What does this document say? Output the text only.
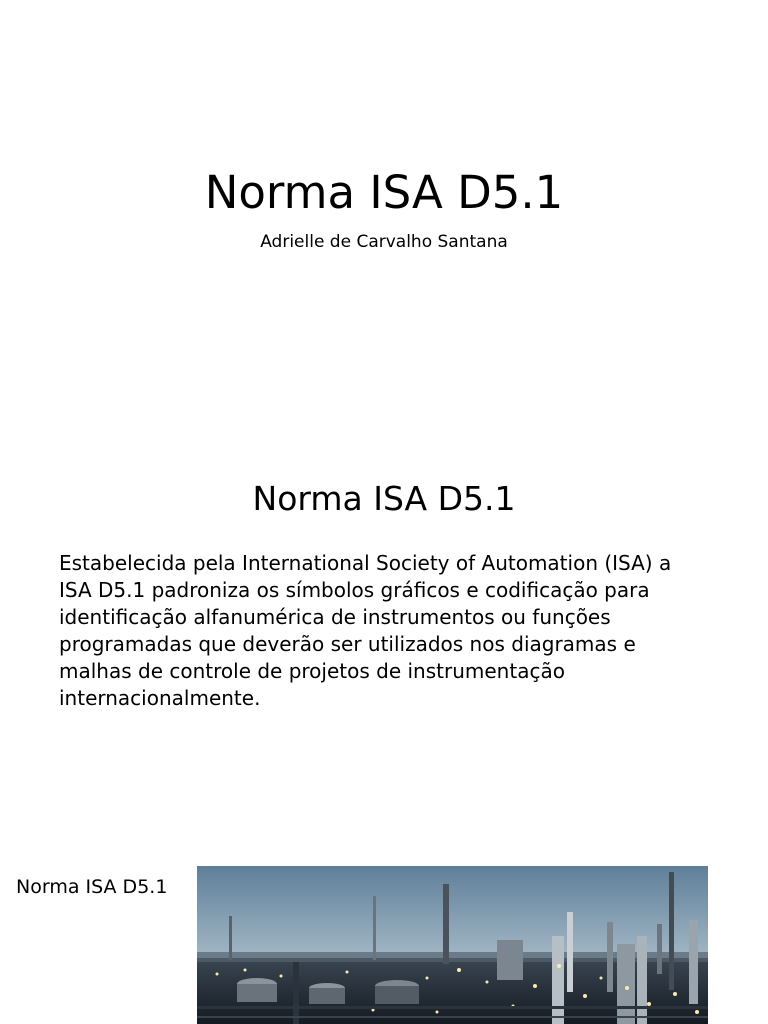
Norma ISA D5.1

Adrielle de Carvalho Santana

Norma ISA D5.1

Estabelecida pela International Society of Automation (ISA) a ISA D5.1 padroniza os símbolos gráficos e codificação para identificação alfanumérica de instrumentos ou funções programadas que deverão ser utilizados nos diagramas e malhas de controle de projetos de instrumentação internacionalmente.

Norma ISA D5.1
